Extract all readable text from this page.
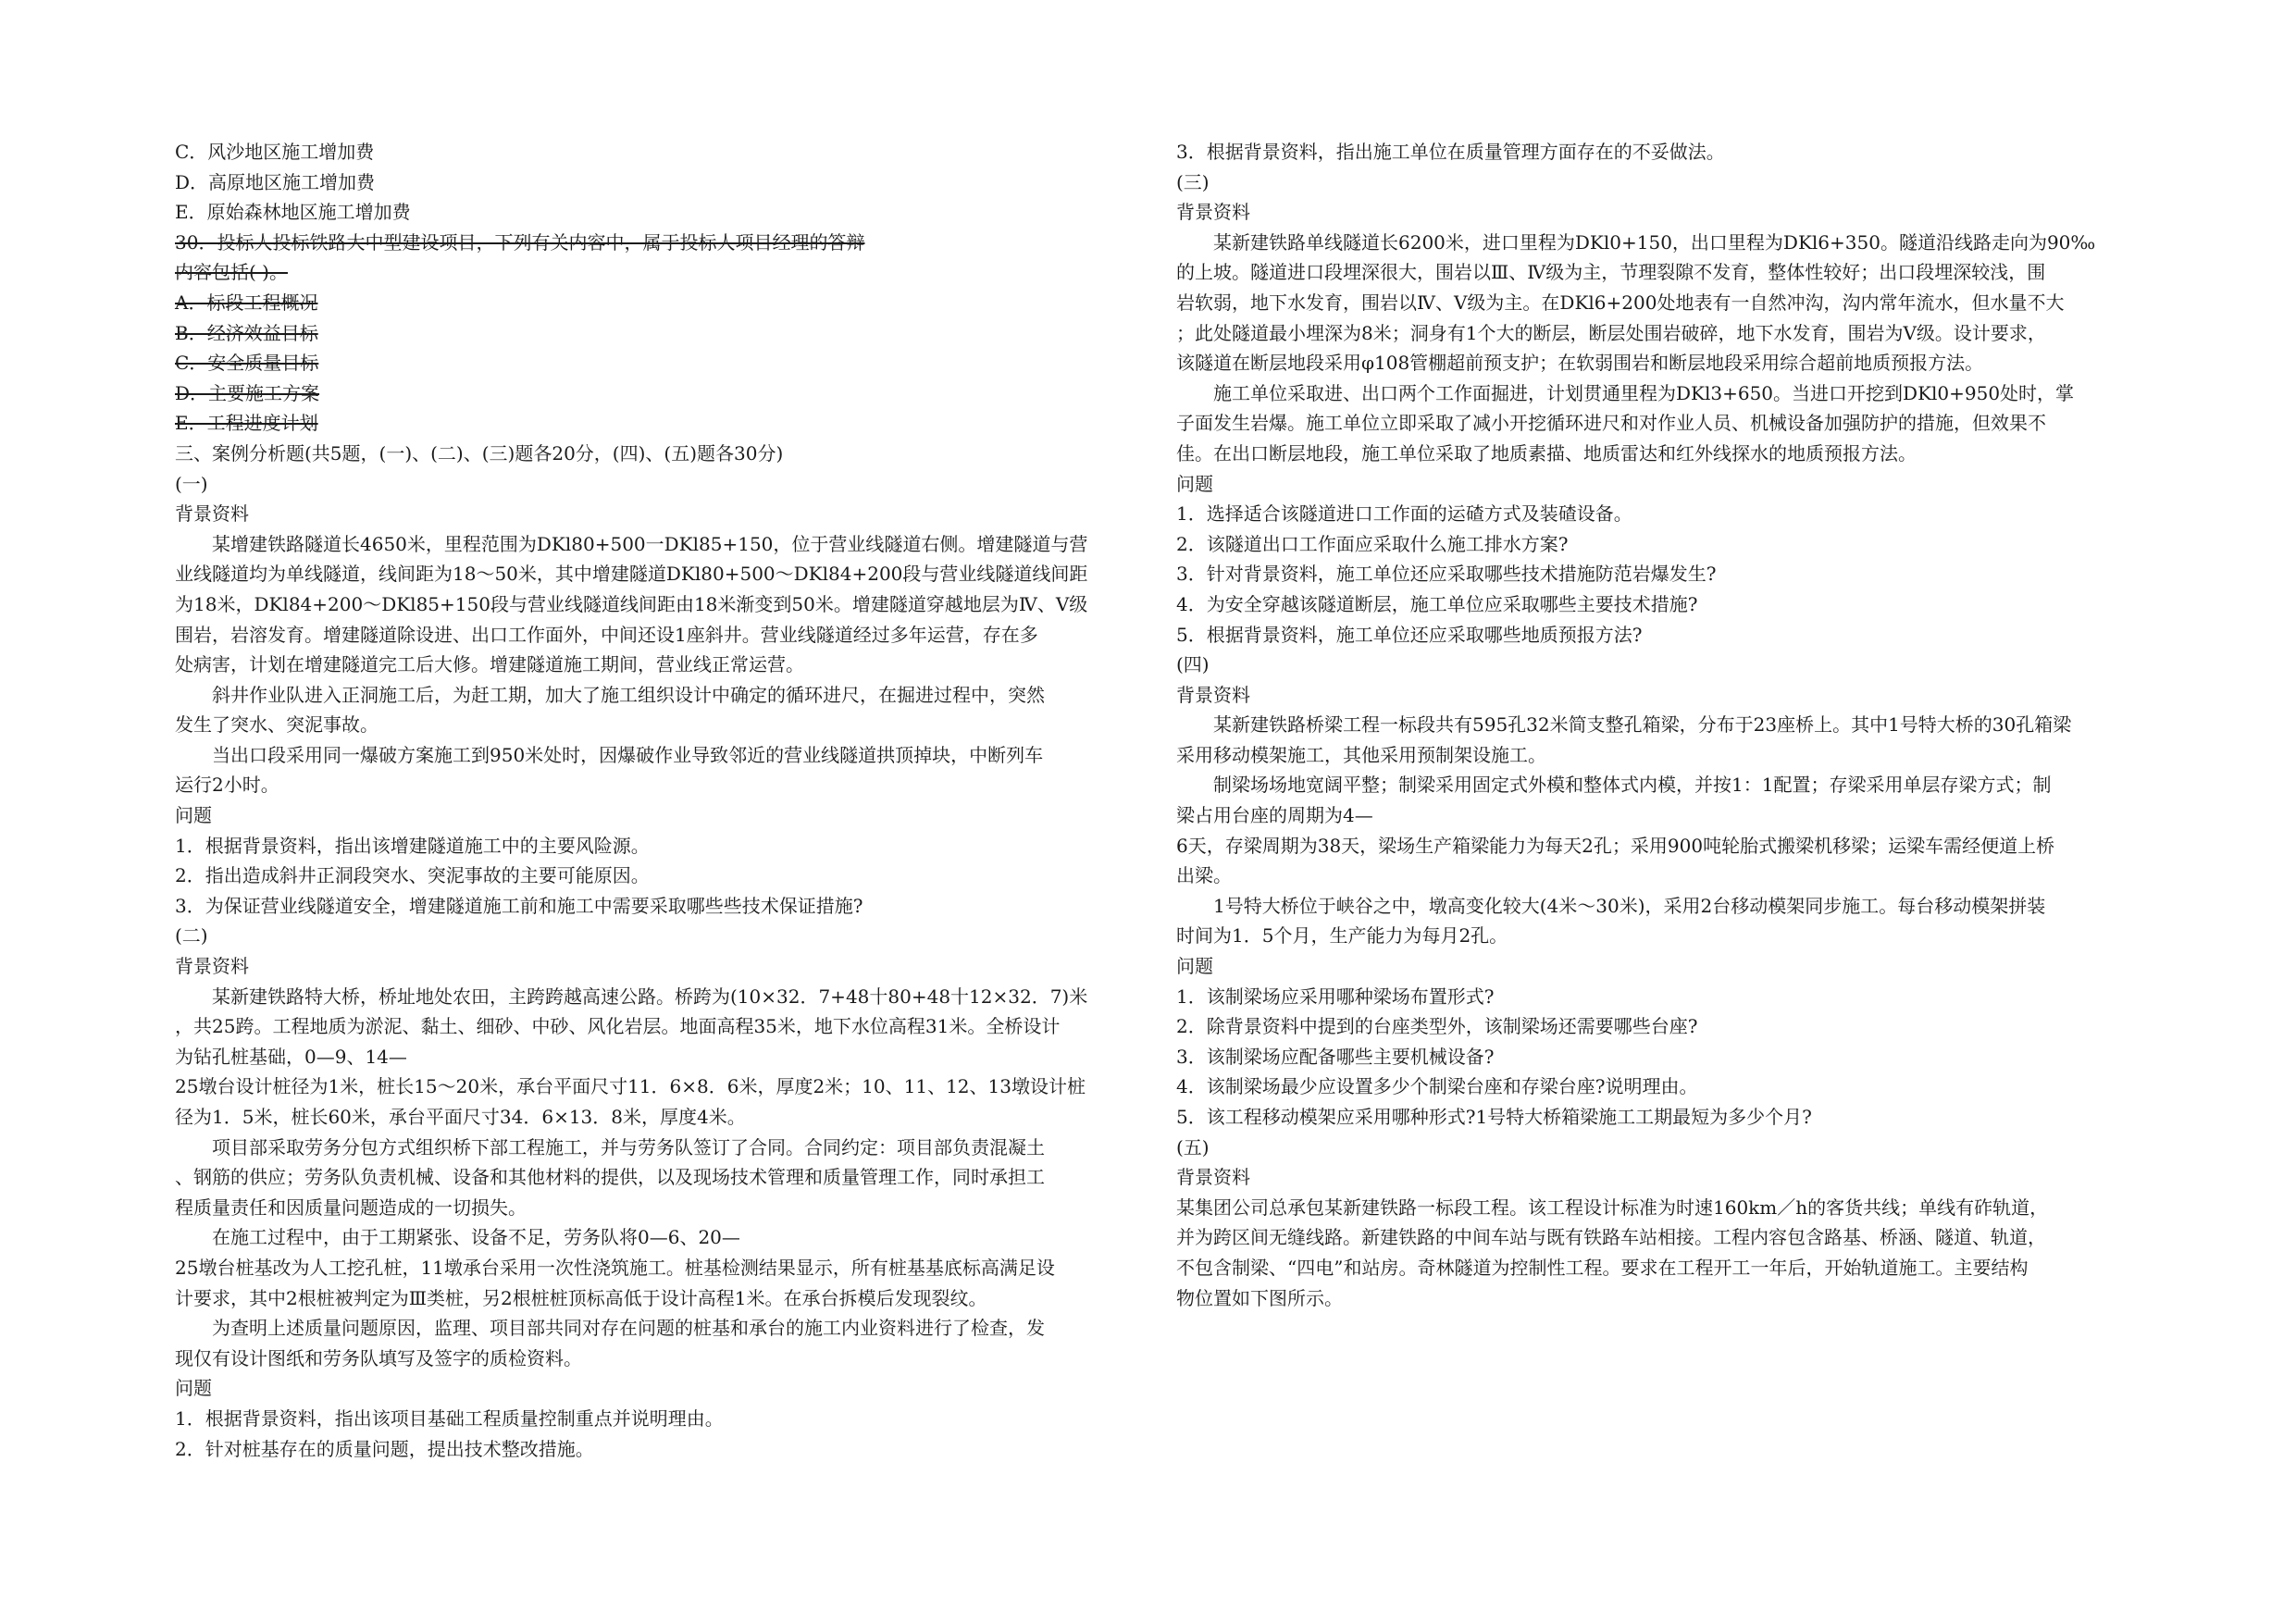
C．风沙地区施工增加费
D．高原地区施工增加费
E．原始森林地区施工增加费
30．投标人投标铁路大中型建设项目，下列有关内容中，属于投标人项目经理的答辩
内容包括( )。
A．标段工程概况
B．经济效益目标
C．安全质量目标
D．主要施工方案
E．工程进度计划
三、案例分析题(共5题，(一)、(二)、(三)题各20分，(四)、(五)题各30分)
(一)
背景资料
某增建铁路隧道长4650米，里程范围为DKl80+500一DKl85+150，位于营业线隧道右侧。增建隧道与营
业线隧道均为单线隧道，线间距为18～50米，其中增建隧道DKl80+500～DKl84+200段与营业线隧道线间距
为18米，DKl84+200～DKl85+150段与营业线隧道线间距由18米渐变到50米。增建隧道穿越地层为Ⅳ、V级
围岩，岩溶发育。增建隧道除设进、出口工作面外，中间还设1座斜井。营业线隧道经过多年运营，存在多
处病害，计划在增建隧道完工后大修。增建隧道施工期间，营业线正常运营。
斜井作业队进入正洞施工后，为赶工期，加大了施工组织设计中确定的循环进尺，在掘进过程中，突然
发生了突水、突泥事故。
当出口段采用同一爆破方案施工到950米处时，因爆破作业导致邻近的营业线隧道拱顶掉块，中断列车
运行2小时。
问题
1．根据背景资料，指出该增建隧道施工中的主要风险源。
2．指出造成斜井正洞段突水、突泥事故的主要可能原因。
3．为保证营业线隧道安全，增建隧道施工前和施工中需要采取哪些些技术保证措施?
(二)
背景资料
某新建铁路特大桥，桥址地处农田，主跨跨越高速公路。桥跨为(10×32．7+48十80+48十12×32．7)米
，共25跨。工程地质为淤泥、黏土、细砂、中砂、风化岩层。地面高程35米，地下水位高程31米。全桥设计
为钻孔桩基础，0—9、14—
25墩台设计桩径为1米，桩长15～20米，承台平面尺寸11．6×8．6米，厚度2米；10、11、12、13墩设计桩
径为1．5米，桩长60米，承台平面尺寸34．6×13．8米，厚度4米。
项目部采取劳务分包方式组织桥下部工程施工，并与劳务队签订了合同。合同约定：项目部负责混凝土
、钢筋的供应；劳务队负责机械、设备和其他材料的提供，以及现场技术管理和质量管理工作，同时承担工
程质量责任和因质量问题造成的一切损失。
在施工过程中，由于工期紧张、设备不足，劳务队将0—6、20—
25墩台桩基改为人工挖孔桩，11墩承台采用一次性浇筑施工。桩基检测结果显示，所有桩基基底标高满足设
计要求，其中2根桩被判定为Ⅲ类桩，另2根桩桩顶标高低于设计高程1米。在承台拆模后发现裂纹。
为查明上述质量问题原因，监理、项目部共同对存在问题的桩基和承台的施工内业资料进行了检查，发
现仅有设计图纸和劳务队填写及签字的质检资料。
问题
1．根据背景资料，指出该项目基础工程质量控制重点并说明理由。
2．针对桩基存在的质量问题，提出技术整改措施。
3．根据背景资料，指出施工单位在质量管理方面存在的不妥做法。
(三)
背景资料
某新建铁路单线隧道长6200米，进口里程为DKl0+150，出口里程为DKl6+350。隧道沿线路走向为90‰
的上坡。隧道进口段埋深很大，围岩以Ⅲ、Ⅳ级为主，节理裂隙不发育，整体性较好；出口段埋深较浅，围
岩软弱，地下水发育，围岩以Ⅳ、V级为主。在DKl6+200处地表有一自然冲沟，沟内常年流水，但水量不大
；此处隧道最小埋深为8米；洞身有1个大的断层，断层处围岩破碎，地下水发育，围岩为V级。设计要求，
该隧道在断层地段采用φ108管棚超前预支护；在软弱围岩和断层地段采用综合超前地质预报方法。
施工单位采取进、出口两个工作面掘进，计划贯通里程为DKl3+650。当进口开挖到DKl0+950处时，掌
子面发生岩爆。施工单位立即采取了减小开挖循环进尺和对作业人员、机械设备加强防护的措施，但效果不
佳。在出口断层地段，施工单位采取了地质素描、地质雷达和红外线探水的地质预报方法。
问题
1．选择适合该隧道进口工作面的运碴方式及装碴设备。
2．该隧道出口工作面应采取什么施工排水方案?
3．针对背景资料，施工单位还应采取哪些技术措施防范岩爆发生?
4．为安全穿越该隧道断层，施工单位应采取哪些主要技术措施?
5．根据背景资料，施工单位还应采取哪些地质预报方法?
(四)
背景资料
某新建铁路桥梁工程一标段共有595孔32米简支整孔箱梁，分布于23座桥上。其中1号特大桥的30孔箱梁
采用移动模架施工，其他采用预制架设施工。
制梁场场地宽阔平整；制梁采用固定式外模和整体式内模，并按1：1配置；存梁采用单层存梁方式；制
梁占用台座的周期为4—
6天，存梁周期为38天，梁场生产箱梁能力为每天2孔；采用900吨轮胎式搬梁机移梁；运梁车需经便道上桥
出梁。
1号特大桥位于峡谷之中，墩高变化较大(4米～30米)，采用2台移动模架同步施工。每台移动模架拼装
时间为1．5个月，生产能力为每月2孔。
问题
1．该制梁场应采用哪种梁场布置形式?
2．除背景资料中提到的台座类型外，该制梁场还需要哪些台座?
3．该制梁场应配备哪些主要机械设备?
4．该制梁场最少应设置多少个制梁台座和存梁台座?说明理由。
5．该工程移动模架应采用哪种形式?1号特大桥箱梁施工工期最短为多少个月?
(五)
背景资料
某集团公司总承包某新建铁路一标段工程。该工程设计标准为时速160km／h的客货共线；单线有砟轨道，
并为跨区间无缝线路。新建铁路的中间车站与既有铁路车站相接。工程内容包含路基、桥涵、隧道、轨道，
不包含制梁、“四电”和站房。奇林隧道为控制性工程。要求在工程开工一年后，开始轨道施工。主要结构
物位置如下图所示。
